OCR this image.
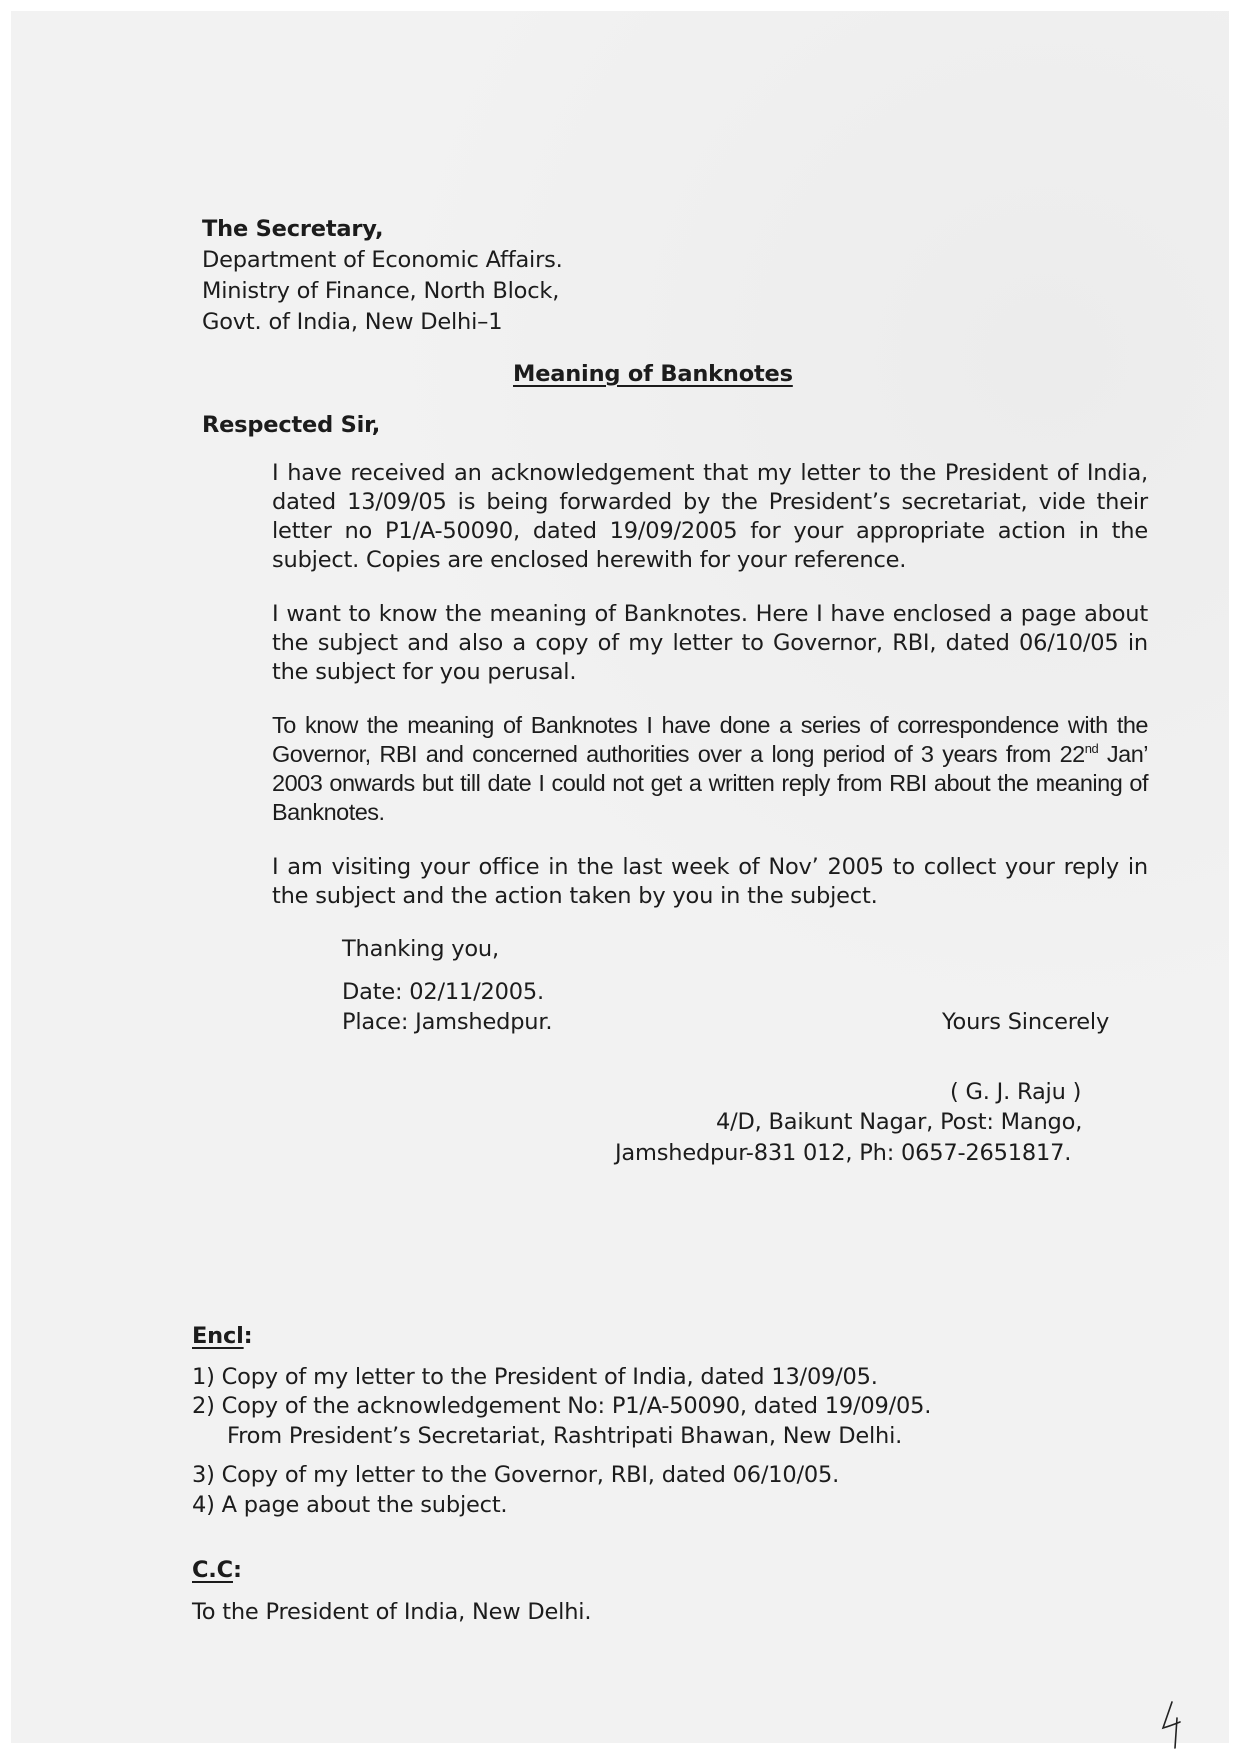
The Secretary,
Department of Economic Affairs.
Ministry of Finance, North Block,
Govt. of India, New Delhi–1
Meaning of Banknotes
Respected Sir,
I have received an acknowledgement that my letter to the President of India, dated 13/09/05 is being forwarded by the President’s secretariat, vide their letter no P1/A-50090, dated 19/09/2005 for your appropriate action in the subject. Copies are enclosed herewith for your reference.
I want to know the meaning of Banknotes. Here I have enclosed a page about the subject and also a copy of my letter to Governor, RBI, dated 06/10/05 in the subject for you perusal.
To know the meaning of Banknotes I have done a series of correspondence with the Governor, RBI and concerned authorities over a long period of 3 years from 22nd Jan’ 2003 onwards but till date I could not get a written reply from RBI about the meaning of Banknotes.
I am visiting your office in the last week of Nov’ 2005 to collect your reply in the subject and the action taken by you in the subject.
Thanking you,
Date: 02/11/2005.
Place: Jamshedpur.	Yours Sincerely
( G. J. Raju )
4/D, Baikunt Nagar, Post: Mango,
Jamshedpur-831 012, Ph: 0657-2651817.
Encl:
1) Copy of my letter to the President of India, dated 13/09/05.
2) Copy of the acknowledgement No: P1/A-50090, dated 19/09/05.
From President’s Secretariat, Rashtripati Bhawan, New Delhi.
3) Copy of my letter to the Governor, RBI, dated 06/10/05.
4) A page about the subject.
C.C:
To the President of India, New Delhi.
